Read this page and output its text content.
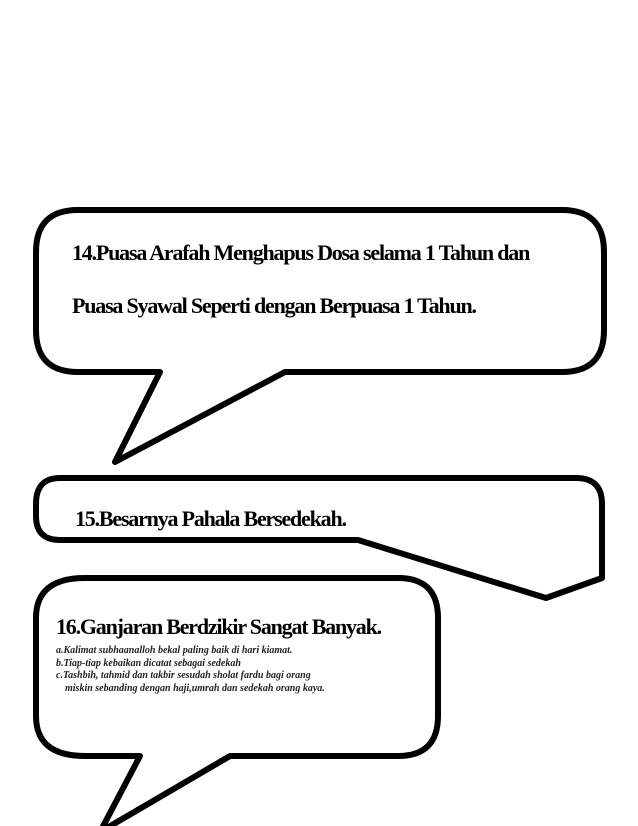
14.Puasa Arafah Menghapus Dosa selama 1 Tahun dan
Puasa Syawal Seperti dengan Berpuasa 1 Tahun.
15.Besarnya Pahala Bersedekah.
16.Ganjaran Berdzikir Sangat Banyak.
a.Kalimat subhaanalloh bekal paling baik di hari kiamat.
b.Tiap-tiap kebaikan dicatat sebagai sedekah
c.Tashbih, tahmid dan takbir sesudah sholat fardu bagi orang
miskin sebanding dengan haji,umrah dan sedekah orang kaya.
